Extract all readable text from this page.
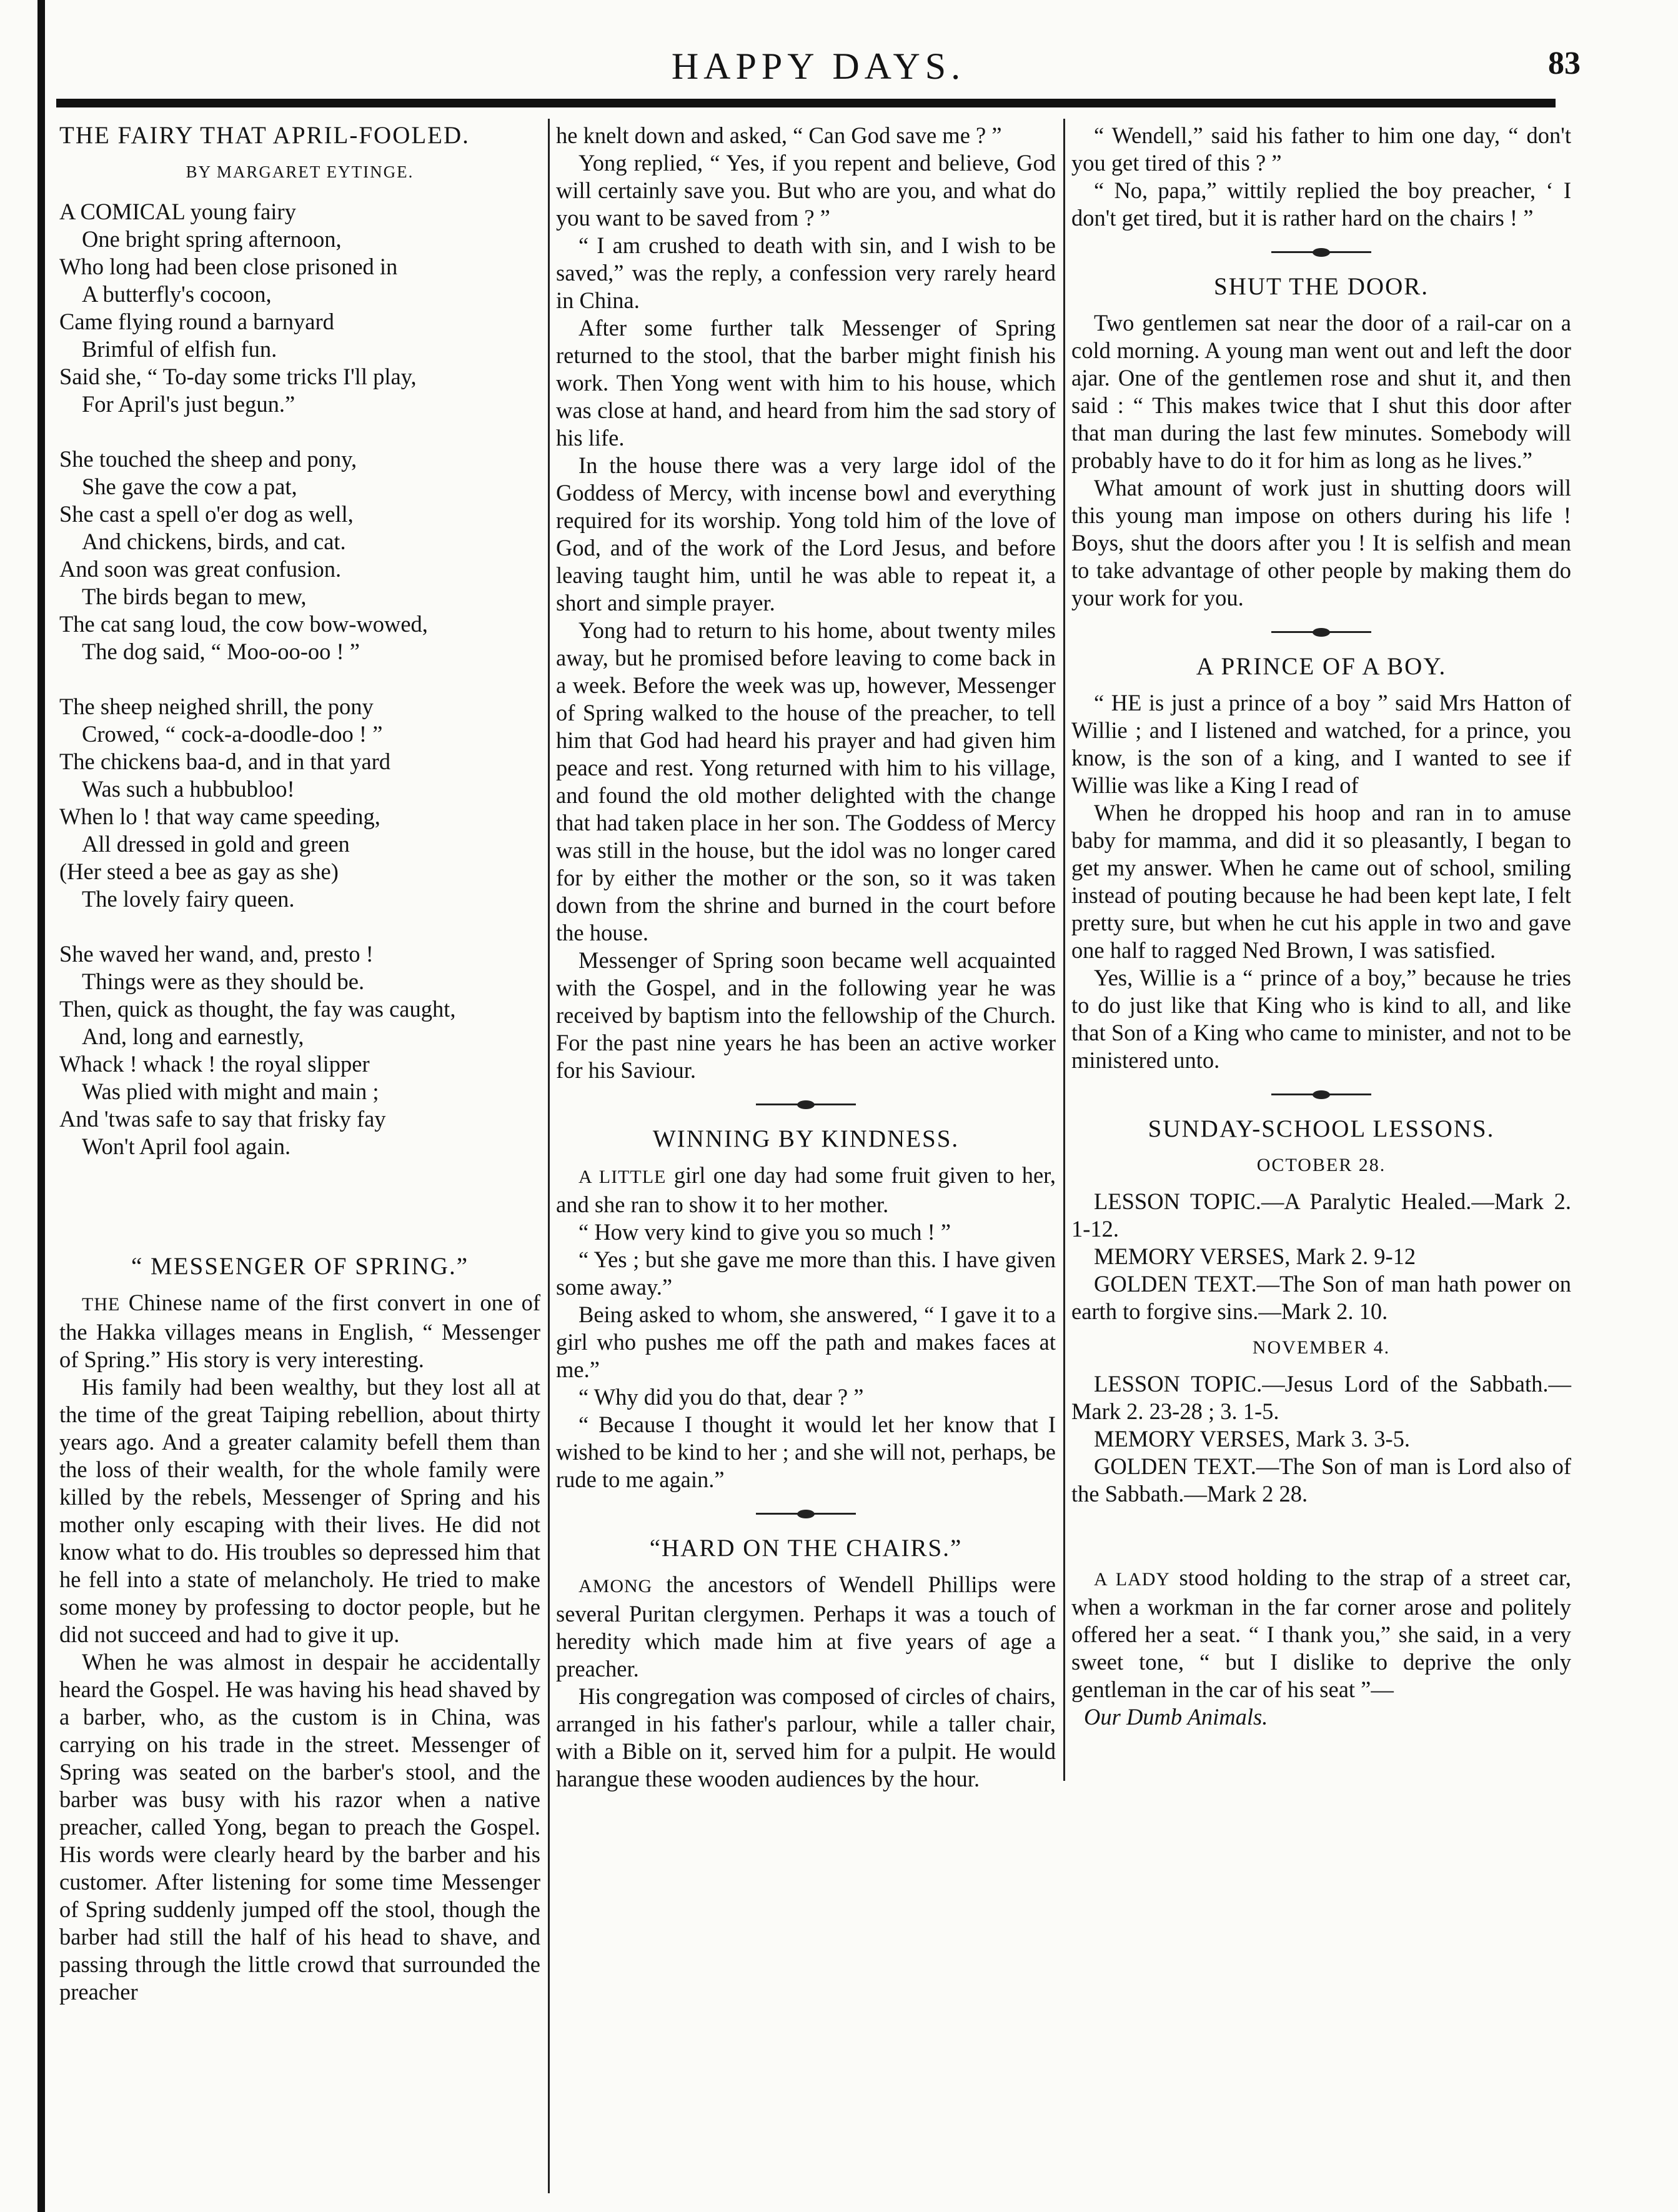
HAPPY DAYS.	83
THE FAIRY THAT APRIL-FOOLED.
BY MARGARET EYTINGE.
A COMICAL young fairy
One bright spring afternoon,
Who long had been close prisoned in
A butterfly's cocoon,
Came flying round a barnyard
Brimful of elfish fun.
Said she, “ To-day some tricks I'll play,
For April's just begun.”
She touched the sheep and pony,
She gave the cow a pat,
She cast a spell o'er dog as well,
And chickens, birds, and cat.
And soon was great confusion.
The birds began to mew,
The cat sang loud, the cow bow-wowed,
The dog said, “ Moo-oo-oo ! ”
The sheep neighed shrill, the pony
Crowed, “ cock-a-doodle-doo ! ”
The chickens baa-d, and in that yard
Was such a hubbubloo!
When lo ! that way came speeding,
All dressed in gold and green
(Her steed a bee as gay as she)
The lovely fairy queen.
She waved her wand, and, presto !
Things were as they should be.
Then, quick as thought, the fay was caught,
And, long and earnestly,
Whack ! whack ! the royal slipper
Was plied with might and main ;
And 'twas safe to say that frisky fay
Won't April fool again.
“ MESSENGER OF SPRING.”

THE Chinese name of the first convert in one of the Hakka villages means in English, “ Messenger of Spring.” His story is very interesting.

His family had been wealthy, but they lost all at the time of the great Taiping rebellion, about thirty years ago. And a greater calamity befell them than the loss of their wealth, for the whole family were killed by the rebels, Messenger of Spring and his mother only escaping with their lives. He did not know what to do. His troubles so depressed him that he fell into a state of melancholy. He tried to make some money by professing to doctor people, but he did not succeed and had to give it up.

When he was almost in despair he accidentally heard the Gospel. He was having his head shaved by a barber, who, as the custom is in China, was carrying on his trade in the street. Messenger of Spring was seated on the barber's stool, and the barber was busy with his razor when a native preacher, called Yong, began to preach the Gospel. His words were clearly heard by the barber and his customer. After listening for some time Messenger of Spring suddenly jumped off the stool, though the barber had still the half of his head to shave, and passing through the little crowd that surrounded the preacher

he knelt down and asked, “ Can God save me ? ”

Yong replied, “ Yes, if you repent and believe, God will certainly save you. But who are you, and what do you want to be saved from ? ”

“ I am crushed to death with sin, and I wish to be saved,” was the reply, a confession very rarely heard in China.

After some further talk Messenger of Spring returned to the stool, that the barber might finish his work. Then Yong went with him to his house, which was close at hand, and heard from him the sad story of his life.

In the house there was a very large idol of the Goddess of Mercy, with incense bowl and everything required for its worship. Yong told him of the love of God, and of the work of the Lord Jesus, and before leaving taught him, until he was able to repeat it, a short and simple prayer.

Yong had to return to his home, about twenty miles away, but he promised before leaving to come back in a week. Before the week was up, however, Messenger of Spring walked to the house of the preacher, to tell him that God had heard his prayer and had given him peace and rest. Yong returned with him to his village, and found the old mother delighted with the change that had taken place in her son. The Goddess of Mercy was still in the house, but the idol was no longer cared for by either the mother or the son, so it was taken down from the shrine and burned in the court before the house.

Messenger of Spring soon became well acquainted with the Gospel, and in the following year he was received by baptism into the fellowship of the Church. For the past nine years he has been an active worker for his Saviour.

WINNING BY KINDNESS.

A LITTLE girl one day had some fruit given to her, and she ran to show it to her mother.

“ How very kind to give you so much ! ”

“ Yes ; but she gave me more than this. I have given some away.”

Being asked to whom, she answered, “ I gave it to a girl who pushes me off the path and makes faces at me.”

“ Why did you do that, dear ? ”

“ Because I thought it would let her know that I wished to be kind to her ; and she will not, perhaps, be rude to me again.”

“HARD ON THE CHAIRS.”

AMONG the ancestors of Wendell Phillips were several Puritan clergymen. Perhaps it was a touch of heredity which made him at five years of age a preacher.

His congregation was composed of circles of chairs, arranged in his father's parlour, while a taller chair, with a Bible on it, served him for a pulpit. He would harangue these wooden audiences by the hour.

“ Wendell,” said his father to him one day, “ don't you get tired of this ? ”

“ No, papa,” wittily replied the boy preacher, ‘ I don't get tired, but it is rather hard on the chairs ! ”

SHUT THE DOOR.

Two gentlemen sat near the door of a rail-car on a cold morning. A young man went out and left the door ajar. One of the gentlemen rose and shut it, and then said : “ This makes twice that I shut this door after that man during the last few minutes. Somebody will probably have to do it for him as long as he lives.”

What amount of work just in shutting doors will this young man impose on others during his life ! Boys, shut the doors after you ! It is selfish and mean to take advantage of other people by making them do your work for you.

A PRINCE OF A BOY.

“ HE is just a prince of a boy ” said Mrs Hatton of Willie ; and I listened and watched, for a prince, you know, is the son of a king, and I wanted to see if Willie was like a King I read of

When he dropped his hoop and ran in to amuse baby for mamma, and did it so pleasantly, I began to get my answer. When he came out of school, smiling instead of pouting because he had been kept late, I felt pretty sure, but when he cut his apple in two and gave one half to ragged Ned Brown, I was satisfied.

Yes, Willie is a “ prince of a boy,” because he tries to do just like that King who is kind to all, and like that Son of a King who came to minister, and not to be ministered unto.

SUNDAY-SCHOOL LESSONS.
OCTOBER 28.

LESSON TOPIC.—A Paralytic Healed.—Mark 2. 1-12.

MEMORY VERSES, Mark 2. 9-12

GOLDEN TEXT.—The Son of man hath power on earth to forgive sins.—Mark 2. 10.

NOVEMBER 4.

LESSON TOPIC.—Jesus Lord of the Sabbath.—Mark 2. 23-28 ; 3. 1-5.

MEMORY VERSES, Mark 3. 3-5.

GOLDEN TEXT.—The Son of man is Lord also of the Sabbath.—Mark 2 28.

A LADY stood holding to the strap of a street car, when a workman in the far corner arose and politely offered her a seat. “ I thank you,” she said, in a very sweet tone, “ but I dislike to deprive the only gentleman in the car of his seat ”—

Our Dumb Animals.
